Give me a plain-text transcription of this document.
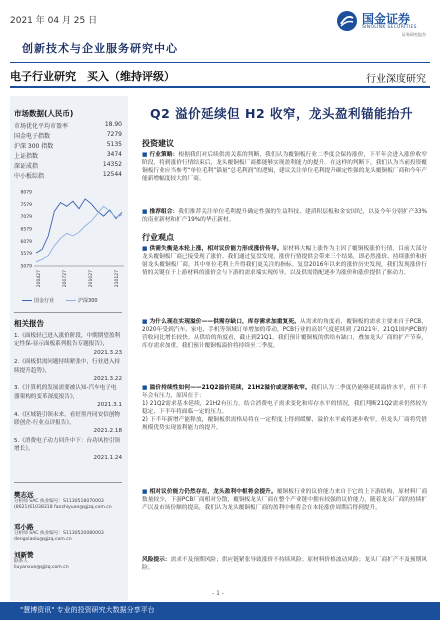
2021 年 04 月 25 日	国金证券
SINOLINK SECURITIES
证券研究报告
创新技术与企业服务研究中心
电子行业研究　买入（维持评级）	行业深度研究
市场数据(人民币)
市场优化平均市盈率	18.90
国金电子指数	7279
沪深 300 指数	5135
上证指数	3474
深证成指	14352
中小板综指	12544
8079
7579
7079
6579
6079
5579
5079
200427	200727	201027	210127
国金行业	沪深300
相关报告
1.《面板轻已进入涨价阶段，中期期望盈利定性保-显示面板系列报告专题报告》，
2021.3.23
2.《面板供需问题持续紧张中，行业进入持续提升趋势》，
2021.3.22
3.《计算机的发展需要被认知-汽车电子电器架构的变革深度报告》，
2021.3.1
4.《区域链引领未来，看好黑丹同安信创物联创企-行业点评报告》，
2021.2.18
5.《消费电子动力回升中下：台功风控引领增长》，
2021.1.24
樊志远
分析师 SAC 执业编号：S1130518070003
(8621)61038318 fanzhiyuan@gjzq.com.cn
邓小路
分析师 SAC 执业编号：S1130520080003
dengxiaolu@gjzq.com.cn
刘新赞
联系人
liuyanxue@gjzq.com.cn
Q2 溢价延续但 H2 收窄，龙头盈利锚能抬升
投资建议
■ 行业策略：根据我们对后续供需关系的判断，我们认为覆铜板行业二季度会保持涨价，下半年会进入涨价收窄阶段，将到涨价行情结束后，龙头覆铜板厂商都能够实现盈利能力的提升。在这样的判断下，我们认为当前投资覆铜板行业应当参考“单位毛利”锚量“总毛利润”的逻辑，建议关注单位毛利提升确定性强的龙头覆铜板厂商和今年产能新增幅度较大的厂商。
■ 推荐组合：我们推荐关注单位毛利提升确定性强的生益科技、建滔积层板和金安国纪，以及今年分别扩产33%的南亚新材和扩产19%的华正新材。
行业观点
■ 供需失衡是本轮上涨，相对议价能力形成涨价传导。原材料大幅上涨作为主因了覆铜板涨价行情，目前大部分龙头覆铜板厂商已接受现了涨价。我们通过复盘发现，涨价行情提供会带来三个结果，即必然涨价、持续涨价和折射龙头覆铜板厂商，其中单位毛利上升得我们更关注的指标。复盘2016年以来的涨价历史发现，我们发现涨价行情的关键在于上游材料的涨价会与下游的需求端实现传导，以及供需错配逐步为涨价和涨价提供了驱动力。
■ 为什么现在实现溢价——供需存缺口，库存需求加重复死。从需求的角度看，覆铜板的需求主要来自于PCB，2020年受到汽车、家电、手机等领域订单增加的带动，PCB行业的高景气度延续到了2021年，21Q1国内PCB的营收同比增长较快。从供给的角度看，截止到21Q1，我们预计覆铜板的供给有缺口，叠加龙头厂商的扩产节奏，库存需求加重，我们预计覆铜板溢价将持续至二季度。
■ 溢价持续性如何——21Q2溢价延续，21H2溢价或逐渐收窄。我们认为二季度仍能够延续溢价水平，但下半年会有压力，原因在于：
1) 21Q2需求基本延续，21H2有压力。结合消费电子需求变化和库存水平的情况，我们判断21Q2需求仍然较为稳定，下半年将面临一定的压力。
2) 下半年新增产能释放，覆铜板供需格局将在一定程度上得到缓解，溢价水平或将逐步收窄，但龙头厂商将凭借规模优势实现盈利能力的提升。
■ 相对议价能力仍然存在，龙头盈利中枢将会提升。覆铜板行业的议价能力来自于它的上下游结构，原材料厂商数量较少，下游PCB厂商相对分散，覆铜板龙头厂商在整个产业链中拥有较强的议价能力，随着龙头厂商的持续扩产以及市场份额的提高，我们认为龙头覆铜板厂商的盈利中枢将会在本轮涨价周期后得到提升。
风险提示：需求不及预期风险；供应链紧张导致涨价不持续风险；原材料价格波动风险；龙头厂商扩产不及预期风险。
- 1 -
"慧博资讯" 专业的投资研究大数据分享平台
